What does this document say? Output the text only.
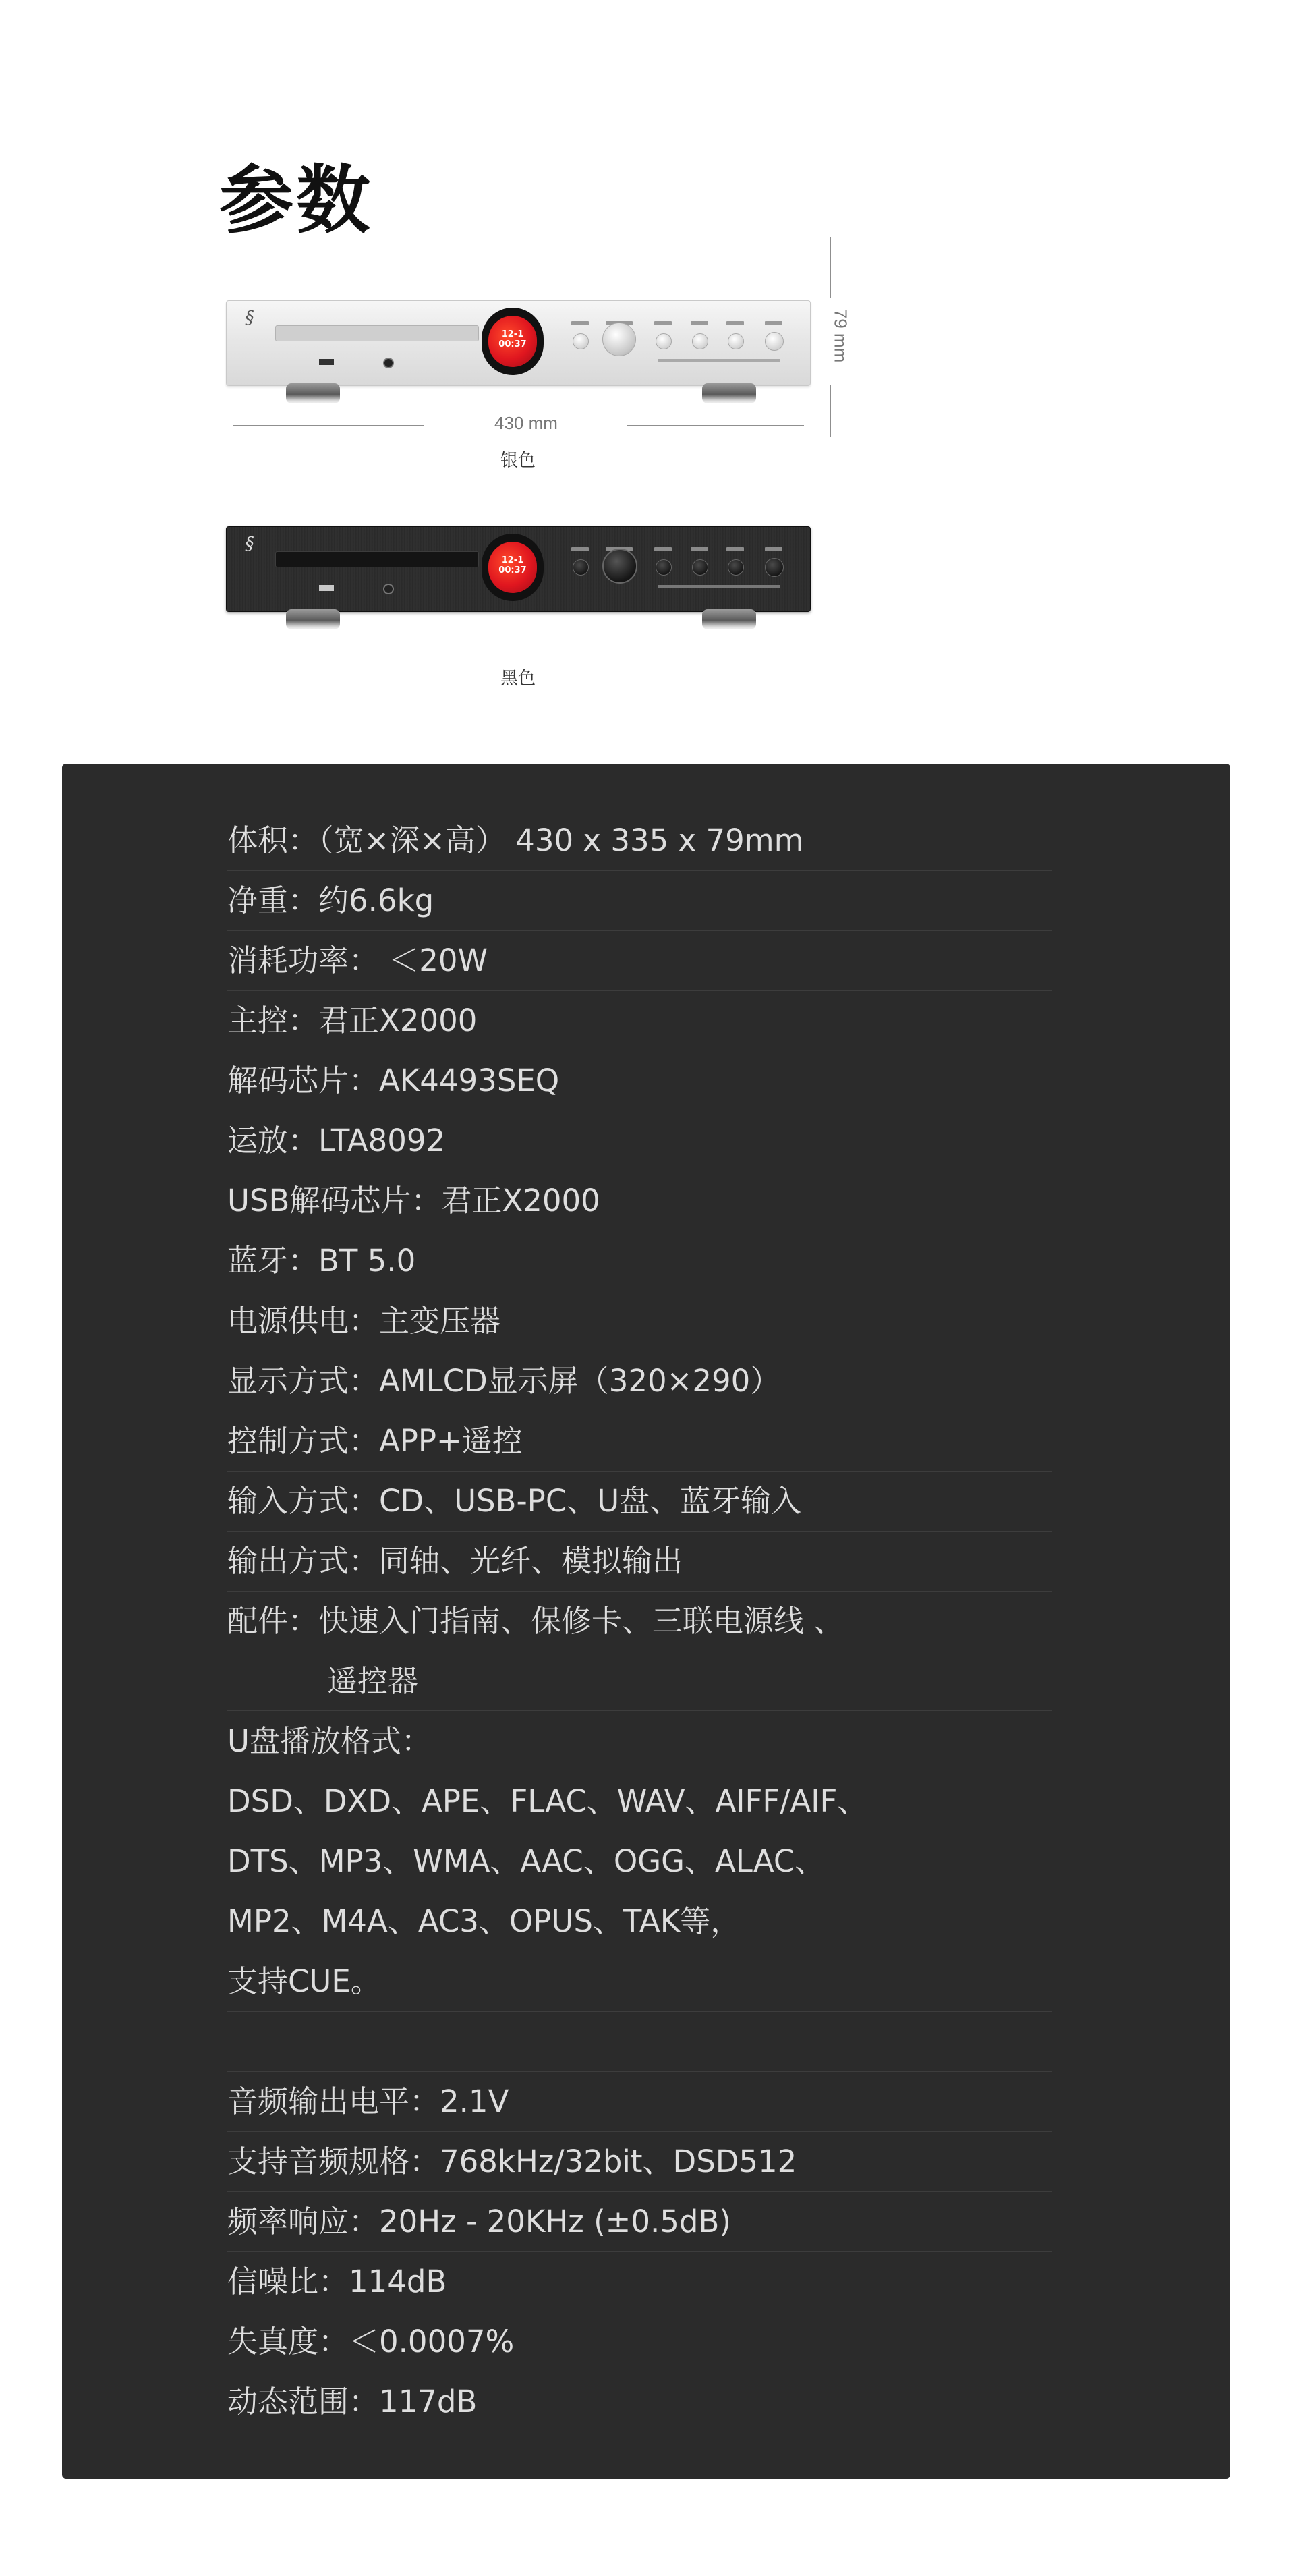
参数
§
12-1
00:37	79 mm
430 mm
银色
§
12-1
00:37
黑色
体积：（宽×深×高） 430 x 335 x 79mm
净重：约6.6kg
消耗功率： ＜20W
主控：君正X2000
解码芯片：AK4493SEQ
运放：LTA8092
USB解码芯片：君正X2000
蓝牙：BT 5.0
电源供电：主变压器
显示方式：AMLCD显示屏（320×290）
控制方式：APP+遥控
输入方式：CD、USB-PC、U盘、蓝牙输入
输出方式：同轴、光纤、模拟输出
配件：快速入门指南、保修卡、三联电源线 、
遥控器
U盘播放格式：
DSD、DXD、APE、FLAC、WAV、AIFF/AIF、
DTS、MP3、WMA、AAC、OGG、ALAC、
MP2、M4A、AC3、OPUS、TAK等，
支持CUE。
音频输出电平：2.1V
支持音频规格：768kHz/32bit、DSD512
频率响应：20Hz - 20KHz (±0.5dB)
信噪比：114dB
失真度：＜0.0007%
动态范围：117dB
